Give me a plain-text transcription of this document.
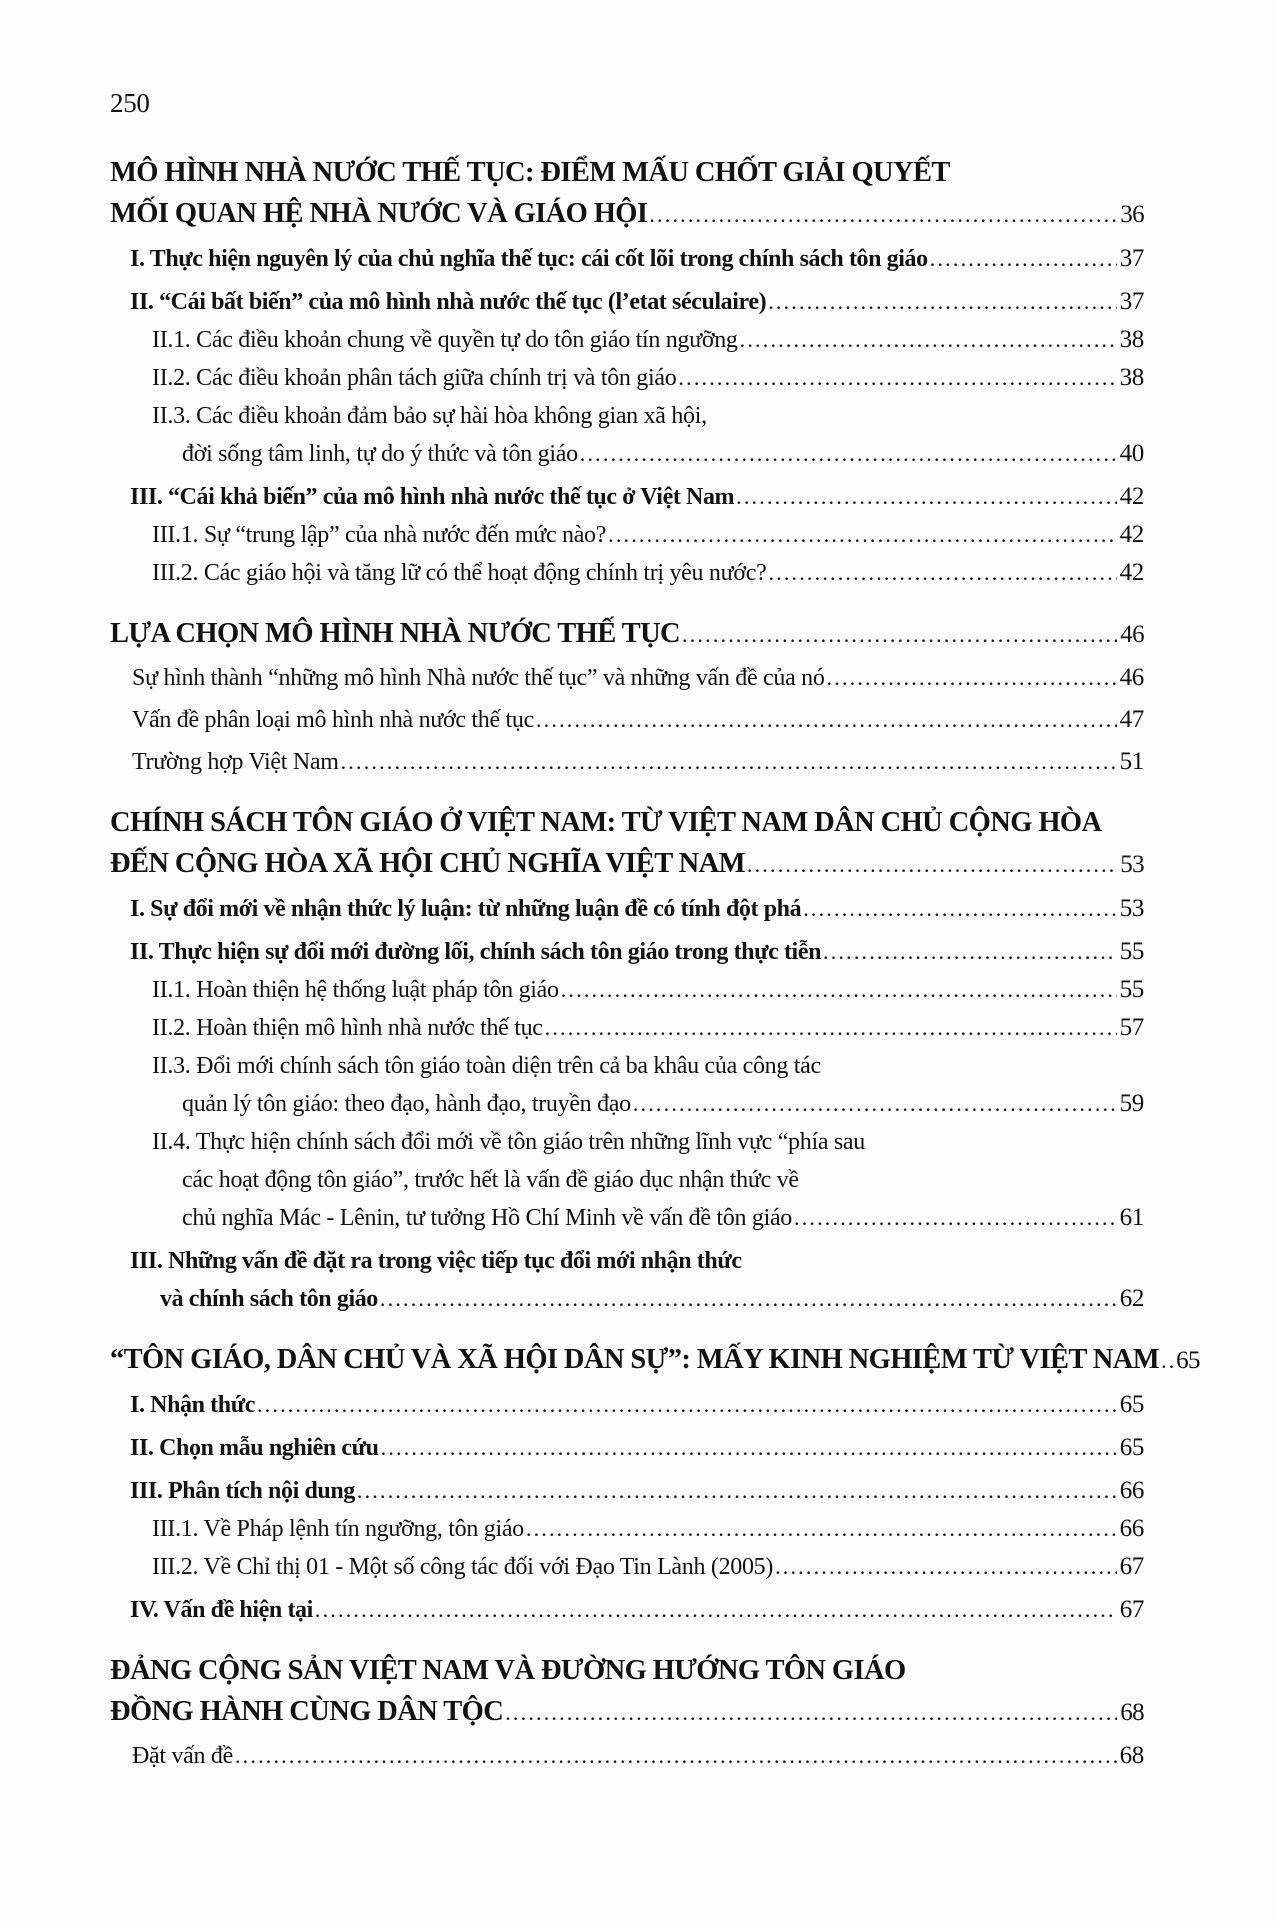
250
MÔ HÌNH NHÀ NƯỚC THẾ TỤC: ĐIỂM MẤU CHỐT GIẢI QUYẾT
MỐI QUAN HỆ NHÀ NƯỚC VÀ GIÁO HỘI .....	36
I. Thực hiện nguyên lý của chủ nghĩa thế tục: cái cốt lõi trong chính sách tôn giáo .....	37
II. “Cái bất biến” của mô hình nhà nước thế tục (l’etat séculaire) .....	37
II.1. Các điều khoản chung về quyền tự do tôn giáo tín ngưỡng .....	38
II.2. Các điều khoản phân tách giữa chính trị và tôn giáo .....	38
II.3. Các điều khoản đảm bảo sự hài hòa không gian xã hội,
đời sống tâm linh, tự do ý thức và tôn giáo .....	40
III. “Cái khả biến” của mô hình nhà nước thế tục ở Việt Nam .....	42
III.1. Sự “trung lập” của nhà nước đến mức nào? .....	42
III.2. Các giáo hội và tăng lữ có thể hoạt động chính trị yêu nước? .....	42
LỰA CHỌN MÔ HÌNH NHÀ NƯỚC THẾ TỤC .....	46
Sự hình thành “những mô hình Nhà nước thế tục” và những vấn đề của nó .....	46
Vấn đề phân loại mô hình nhà nước thế tục .....	47
Trường hợp Việt Nam .....	51
CHÍNH SÁCH TÔN GIÁO Ở VIỆT NAM: TỪ VIỆT NAM DÂN CHỦ CỘNG HÒA
ĐẾN CỘNG HÒA XÃ HỘI CHỦ NGHĨA VIỆT NAM .....	53
I. Sự đổi mới về nhận thức lý luận: từ những luận đề có tính đột phá .....	53
II. Thực hiện sự đổi mới đường lối, chính sách tôn giáo trong thực tiễn .....	55
II.1. Hoàn thiện hệ thống luật pháp tôn giáo .....	55
II.2. Hoàn thiện mô hình nhà nước thế tục .....	57
II.3. Đổi mới chính sách tôn giáo toàn diện trên cả ba khâu của công tác
quản lý tôn giáo: theo đạo, hành đạo, truyền đạo .....	59
II.4. Thực hiện chính sách đổi mới về tôn giáo trên những lĩnh vực “phía sau
các hoạt động tôn giáo”, trước hết là vấn đề giáo dục nhận thức về
chủ nghĩa Mác - Lênin, tư tưởng Hồ Chí Minh về vấn đề tôn giáo .....	61
III. Những vấn đề đặt ra trong việc tiếp tục đổi mới nhận thức
và chính sách tôn giáo .....	62
“TÔN GIÁO, DÂN CHỦ VÀ XÃ HỘI DÂN SỰ”: MẤY KINH NGHIỆM TỪ VIỆT NAM ..... 65
I. Nhận thức .....	65
II. Chọn mẫu nghiên cứu .....	65
III. Phân tích nội dung .....	66
III.1. Về Pháp lệnh tín ngưỡng, tôn giáo .....	66
III.2. Về Chỉ thị 01 - Một số công tác đối với Đạo Tin Lành (2005) .....	67
IV. Vấn đề hiện tại .....	67
ĐẢNG CỘNG SẢN VIỆT NAM VÀ ĐƯỜNG HƯỚNG TÔN GIÁO
ĐỒNG HÀNH CÙNG DÂN TỘC .....	68
Đặt vấn đề .....	68
